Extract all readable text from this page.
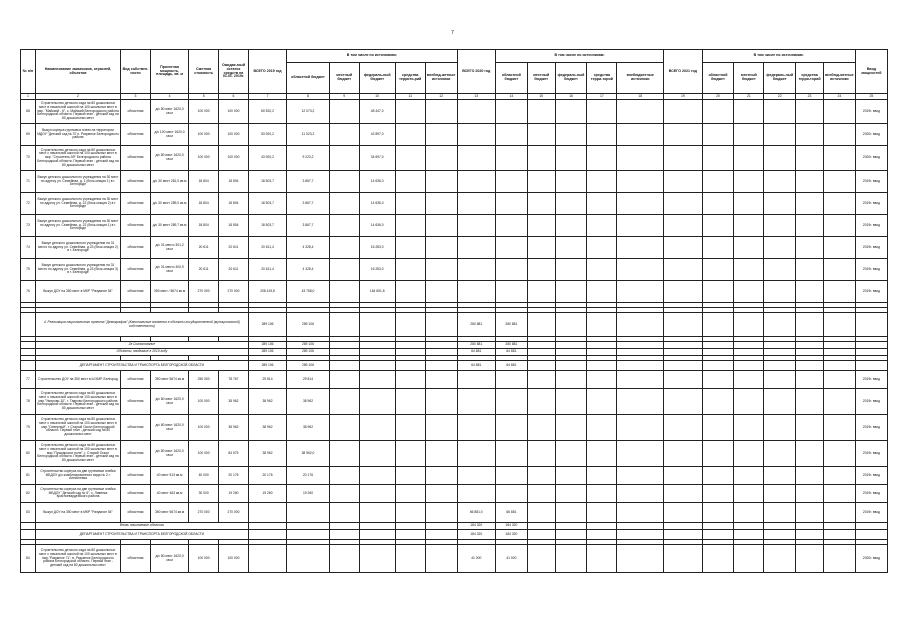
7
№ п/п	Наименование заказчиков, отраслей, объектов	Вид собствен-ности	Проектная мощность, площадь, кв. м	Сметная стоимость	Ожидае-мый остаток средств на 01.01. 2019г.	ВСЕГО 2019 год	В том числе по источникам:					ВСЕГО 2020 год	В том числе по источникам:					ВСЕГО 2021 год	В том числе по источникам:					Ввод мощностей
							областной бюджет	местный бюджет	федераль-ный бюджет	средства террито-рий	внебюд-жетные источники		областной бюджет	местный бюджет	федераль-ный бюджет	средства терри-торий	внебюджетные источники		областной бюджет	местный бюджет	федераль-ный бюджет	средства терри-торий	внебюд-жетные источники	
1	2	3	4	5	6	7	8	9	10	11	12	13	14	15	16	17	18	19	20	21	22	23	24	25
68	Строительство детского сада на 80 дошкольных мест в начальной школой на 100 школьных мест в мкр. "Майский - 6", с. Майский Белгородского района Белгородской области. Первый этап - детский сад на 80 дошкольных мест	областная	д/с 80 мест 1620,0 кв.м	100 000	100 000	60 520,2	12 073,2		48 447,0															2019г. ввод
69	Выкуп корпуса групповых ячеек на территории МДОУ "Детский сад № 37 п. Разумное Белгородского района	областная	д/с 100 мест 1620,0 кв.м	100 000	100 000	53 920,2	11 023,2		42 897,0															2020г. ввод
70	Строительство детского сада на 80 дошкольных мест с начальной школой на 100 школьных мест в мкр. "Строитель-59" Белгородского района Белгородской области. Первый этап - детский сад на 80 дошкольных мест	областная	д/с 80 мест 1620,0 кв.м	100 000	100 000	43 920,2	9 223,2		34 697,0															2020г. ввод
71	Выкуп детского дошкольного учреждения на 30 мест по адресу ул. Семейная, д. 1 (блок-секция 1) в г. Белгороде	областная	д/с 30 мест 281,0 кв.м	18 804	18 804	18 503,7	3 867,7		14 636,0															2019г. ввод
72	Выкуп детского дошкольного учреждения на 30 мест по адресу ул. Семейная, д. 22 (блок-секция 2) в г. Белгороде	областная	д/с 30 мест 289,0 кв.м	18 804	18 804	18 503,7	3 867,7		14 636,0															2019г. ввод
73	Выкуп детского дошкольного учреждения на 30 мест по адресу ул. Семейная, д. 22 (блок-секция 1) в г. Белгороде	областная	д/с 30 мест 289,7 кв.м	18 804	18 804	18 503,7	3 867,7		14 636,0															2019г. ввод
74	Выкуп детского дошкольного учреждения на 31 место по адресу ул. Семейная, д.23 (блок-секция 2) в г. Белгороде	областная	д/с 31 место 301,2 кв.м	20 611	20 611	20 611,4	4 328,4		16 283,0															2019г. ввод
75	Выкуп детского дошкольного учреждения на 31 место по адресу ул. Семейная, д.23 (блок-секция 3) в г. Белгороде	областная	д/с 31 место 300,9 кв.м	20 611	20 611	20 611,4	4 328,4		16 283,0															2019г. ввод
76	Выкуп ДОУ на 350 мест в МКР "Разумное 54"	областная	350 мест / 5674 кв.м	270 000	270 000	208 419,8	43 768,0		164 651,8															2019г. ввод

	4. Реализация национального проекта "Демография" (Капитальные вложения в объекты государственной (муниципальной) собственности)					289 106	289 106					280 881	280 881											

	2в Согласование					289 106	289 106					280 881	280 881											
	Объекты, вводимые в 2019 году					289 106	289 106					64 881	64 881											

	ДЕПАРТАМЕНТ СТРОИТЕЛЬСТВА И ТРАНСПОРТА БЕЛГОРОДСКОЙ ОБЛАСТИ					289 106	289 106					64 881	64 881											
77	Строительство ДОУ на 350 мест в Ш КМР, Белгород	областная	350 мест 5674 кв.м	250 000	78 767	29 814	29 814																	2019г. ввод
78	Строительство детского сада на 80 дошкольных мест с начальной школой на 100 школьных мест в мкр."Умерово-10", г. Таврово Белгородского района Белгородской области. Первый этап - детский сад на 80 дошкольных мест	областная	д/с 80 мест 1620,0 кв.м	100 000	38 962	38 962	38 962																	2019г. ввод
79	Строительство детского сада на 80 дошкольных мест с начальной школой на 100 школьных мест в мкр."Северный", г. Старый Оскол Белгородской области. Первый этап - детский сад на 80 дошкольных мест	областная	д/с 80 мест 1620,0 кв.м	100 000	38 962	38 962	38 962																	2019г. ввод
80	Строительство детского сада на 80 дошкольных мест с начальной школой на 100 школьных мест в мкр."Пушкарское поле", г. Старый Оскол Белгородской области. Первый этап - детский сад на 80 дошкольных мест	областная	д/с 80 мест 1620,0 кв.м	100 000	84 575	38 962	38 962,0																	2019г. ввод
81	Строительство корпуса на две групповые ячейки МБДОУ д/с комбинированного вида № 2 г. Алексеевка	областная	40 мест 513 кв.м	40 000	20 176	20 176	20 176																	2019г. ввод
82	Строительство корпуса на две групповые ячейки МБДОУ "Детский сад № 6", с. Ливенка Красногвардейского района	областная	40 мест 463 кв.м	30 000	19 260	19 260	19 260																	2019г. ввод
83	Выкуп ДОУ на 350 мест в МКР "Разумное 54"	областная	350 мест 5674 кв.м	270 000	270 000							66 881,0	66 881											2019г. ввод
	Вновь начинаемые объекты											184 320	184 320											
	ДЕПАРТАМЕНТ СТРОИТЕЛЬСТВА И ТРАНСПОРТА БЕЛГОРОДСКОЙ ОБЛАСТИ											184 320	184 320											

84	Строительство детского сада на 80 дошкольных мест с начальной школой на 100 школьных мест в мкр."Разумное 71", в. Разумное Белгородского района Белгородской области. Первый этап - детский сад на 80 дошкольных мест	областная	д/с 80 мест 1620,0 кв.м	100 000	100 000							41 000	41 000											2020г. ввод
